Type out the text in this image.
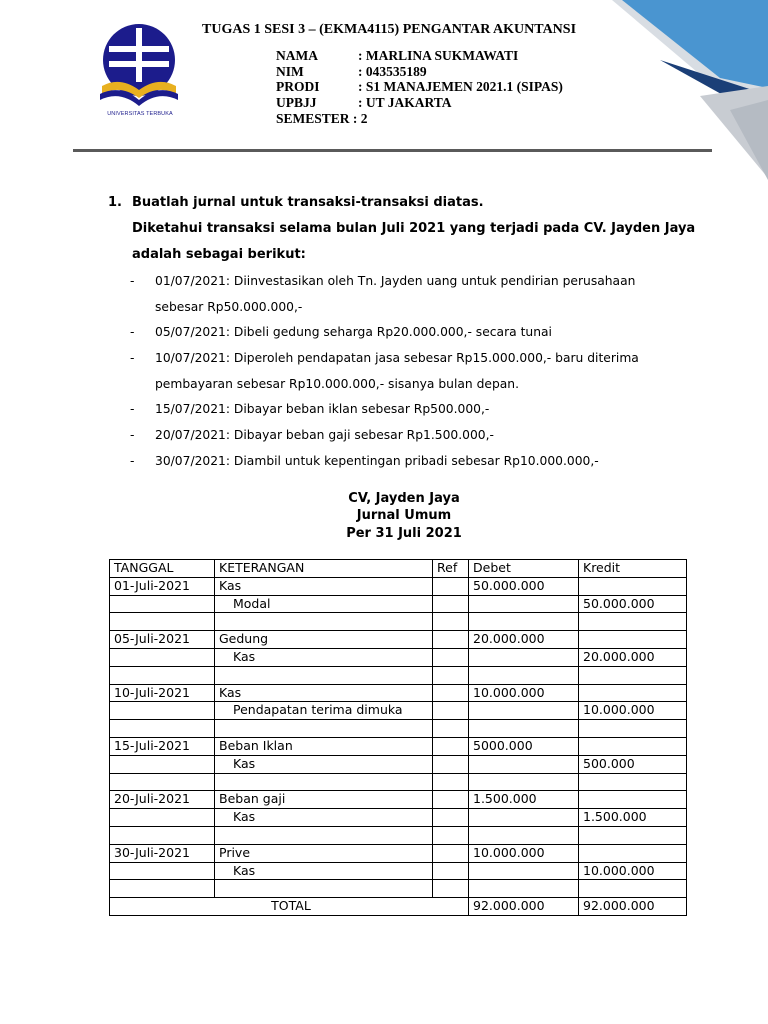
UNIVERSITAS TERBUKA
TUGAS 1 SESI 3 – (EKMA4115) PENGANTAR AKUNTANSI
NAMA	: MARLINA SUKMAWATI
NIM	: 043535189
PRODI	: S1 MANAJEMEN 2021.1 (SIPAS)
UPBJJ	: UT JAKARTA
SEMESTER : 2
1. Buatlah jurnal untuk transaksi-transaksi diatas.
Diketahui transaksi selama bulan Juli 2021 yang terjadi pada CV. Jayden Jaya
adalah sebagai berikut:
- 01/07/2021: Diinvestasikan oleh Tn. Jayden uang untuk pendirian perusahaan
sebesar Rp50.000.000,-
- 05/07/2021: Dibeli gedung seharga Rp20.000.000,- secara tunai
- 10/07/2021: Diperoleh pendapatan jasa sebesar Rp15.000.000,- baru diterima
pembayaran sebesar Rp10.000.000,- sisanya bulan depan.
- 15/07/2021: Dibayar beban iklan sebesar Rp500.000,-
- 20/07/2021: Dibayar beban gaji sebesar Rp1.500.000,-
- 30/07/2021: Diambil untuk kepentingan pribadi sebesar Rp10.000.000,-
CV, Jayden Jaya
Jurnal Umum
Per 31 Juli 2021
TANGGAL	KETERANGAN	Ref	Debet	Kredit
01-Juli-2021	Kas		50.000.000	
	Modal			50.000.000

05-Juli-2021	Gedung		20.000.000	
	Kas			20.000.000

10-Juli-2021	Kas		10.000.000	
	Pendapatan terima dimuka			10.000.000

15-Juli-2021	Beban Iklan		5000.000	
	Kas			500.000

20-Juli-2021	Beban gaji		1.500.000	
	Kas			1.500.000

30-Juli-2021	Prive		10.000.000	
	Kas			10.000.000

TOTAL			92.000.000	92.000.000
